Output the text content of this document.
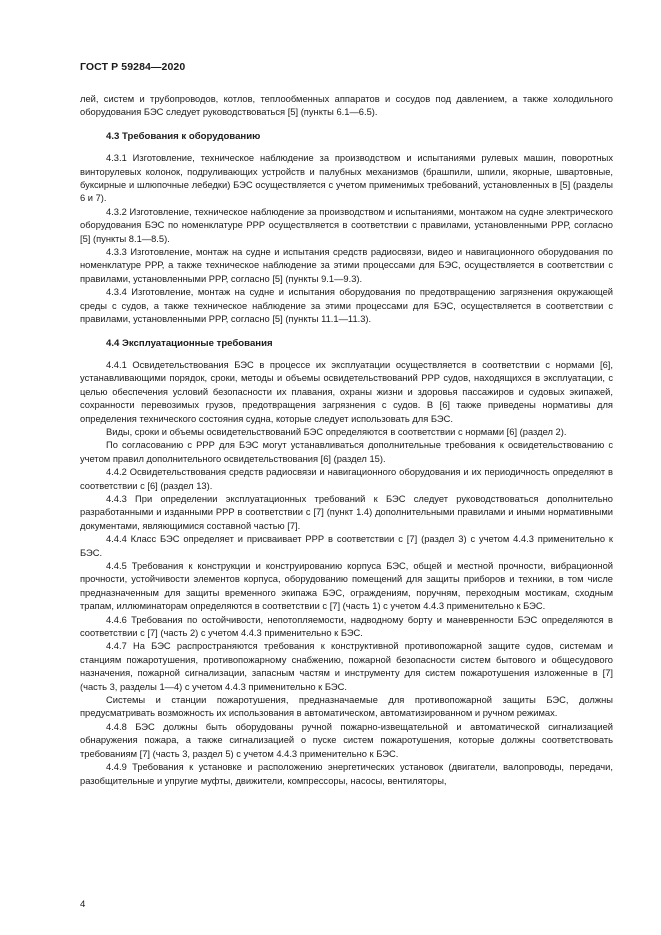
ГОСТ Р 59284—2020

лей, систем и трубопроводов, котлов, теплообменных аппаратов и сосудов под давлением, а также холодильного оборудования БЭС следует руководствоваться [5] (пункты 6.1—6.5).

4.3 Требования к оборудованию

4.3.1 Изготовление, техническое наблюдение за производством и испытаниями рулевых машин, поворотных винторулевых колонок, подруливающих устройств и палубных механизмов (брашпили, шпили, якорные, швартовные, буксирные и шлюпочные лебедки) БЭС осуществляется с учетом применимых требований, установленных в [5] (разделы 6 и 7).

4.3.2 Изготовление, техническое наблюдение за производством и испытаниями, монтажом на судне электрического оборудования БЭС по номенклатуре РРР осуществляется в соответствии с правилами, установленными РРР, согласно [5] (пункты 8.1—8.5).

4.3.3 Изготовление, монтаж на судне и испытания средств радиосвязи, видео и навигационного оборудования по номенклатуре РРР, а также техническое наблюдение за этими процессами для БЭС, осуществляется в соответствии с правилами, установленными РРР, согласно [5] (пункты 9.1—9.3).

4.3.4 Изготовление, монтаж на судне и испытания оборудования по предотвращению загрязнения окружающей среды с судов, а также техническое наблюдение за этими процессами для БЭС, осуществляется в соответствии с правилами, установленными РРР, согласно [5] (пункты 11.1—11.3).

4.4 Эксплуатационные требования

4.4.1 Освидетельствования БЭС в процессе их эксплуатации осуществляется в соответствии с нормами [6], устанавливающими порядок, сроки, методы и объемы освидетельствований РРР судов, находящихся в эксплуатации, с целью обеспечения условий безопасности их плавания, охраны жизни и здоровья пассажиров и судовых экипажей, сохранности перевозимых грузов, предотвращения загрязнения с судов. В [6] также приведены нормативы для определения технического состояния судна, которые следует использовать для БЭС.

Виды, сроки и объемы освидетельствований БЭС определяются в соответствии с нормами [6] (раздел 2).

По согласованию с РРР для БЭС могут устанавливаться дополнительные требования к освидетельствованию с учетом правил дополнительного освидетельствования [6] (раздел 15).

4.4.2 Освидетельствования средств радиосвязи и навигационного оборудования и их периодичность определяют в соответствии с [6] (раздел 13).

4.4.3 При определении эксплуатационных требований к БЭС следует руководствоваться дополнительно разработанными и изданными РРР в соответствии с [7] (пункт 1.4) дополнительными правилами и иными нормативными документами, являющимися составной частью [7].

4.4.4 Класс БЭС определяет и присваивает РРР в соответствии с [7] (раздел 3) с учетом 4.4.3 применительно к БЭС.

4.4.5 Требования к конструкции и конструированию корпуса БЭС, общей и местной прочности, вибрационной прочности, устойчивости элементов корпуса, оборудованию помещений для защиты приборов и техники, в том числе предназначенным для защиты временного экипажа БЭС, ограждениям, поручням, переходным мостикам, сходным трапам, иллюминаторам определяются в соответствии с [7] (часть 1) с учетом 4.4.3 применительно к БЭС.

4.4.6 Требования по остойчивости, непотопляемости, надводному борту и маневренности БЭС определяются в соответствии с [7] (часть 2) с учетом 4.4.3 применительно к БЭС.

4.4.7 На БЭС распространяются требования к конструктивной противопожарной защите судов, системам и станциям пожаротушения, противопожарному снабжению, пожарной безопасности систем бытового и общесудового назначения, пожарной сигнализации, запасным частям и инструменту для систем пожаротушения изложенные в [7] (часть 3, разделы 1—4) с учетом 4.4.3 применительно к БЭС.

Системы и станции пожаротушения, предназначаемые для противопожарной защиты БЭС, должны предусматривать возможность их использования в автоматическом, автоматизированном и ручном режимах.

4.4.8 БЭС должны быть оборудованы ручной пожарно-извещательной и автоматической сигнализацией обнаружения пожара, а также сигнализацией о пуске систем пожаротушения, которые должны соответствовать требованиям [7] (часть 3, раздел 5) с учетом 4.4.3 применительно к БЭС.

4.4.9 Требования к установке и расположению энергетических установок (двигатели, валопроводы, передачи, разобщительные и упругие муфты, движители, компрессоры, насосы, вентиляторы,

4
